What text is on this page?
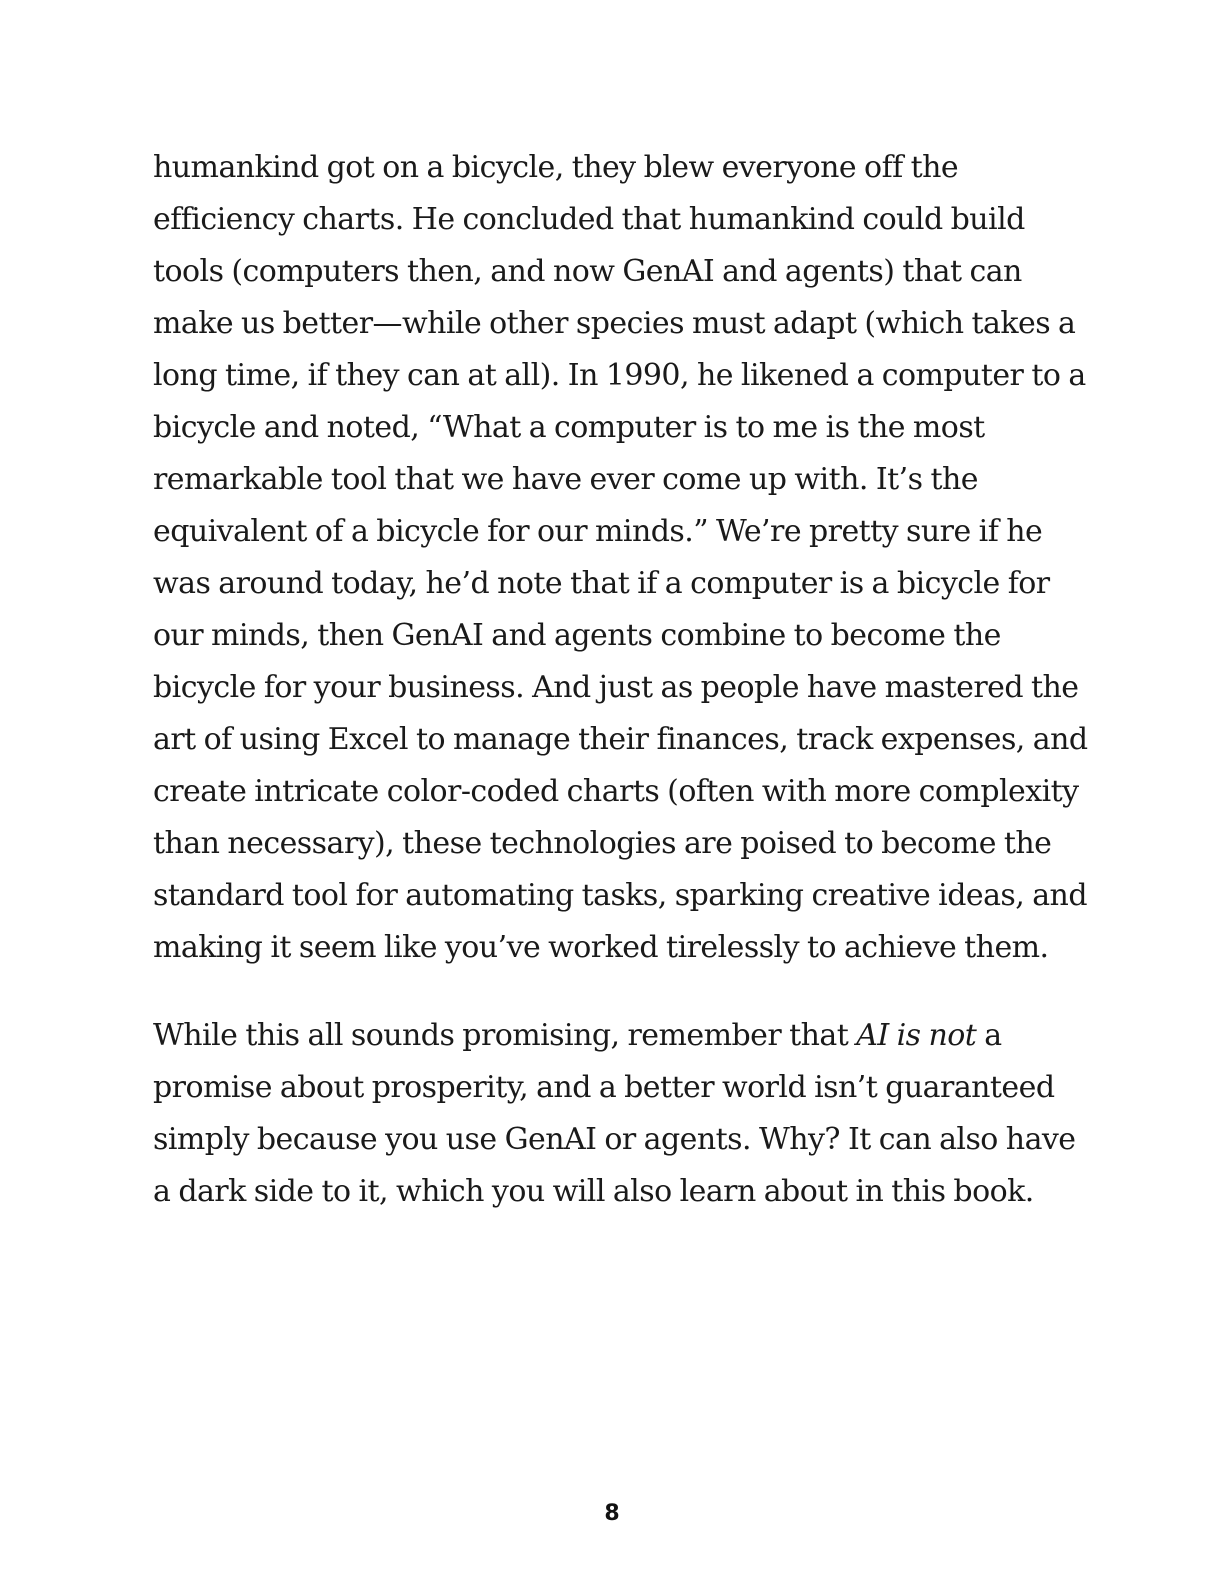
humankind got on a bicycle, they blew everyone off the
efficiency charts. He concluded that humankind could build
tools (computers then, and now GenAI and agents) that can
make us better—while other species must adapt (which takes a
long time, if they can at all). In 1990, he likened a computer to a
bicycle and noted, “What a computer is to me is the most
remarkable tool that we have ever come up with. It’s the
equivalent of a bicycle for our minds.” We’re pretty sure if he
was around today, he’d note that if a computer is a bicycle for
our minds, then GenAI and agents combine to become the
bicycle for your business. And just as people have mastered the
art of using Excel to manage their finances, track expenses, and
create intricate color-coded charts (often with more complexity
than necessary), these technologies are poised to become the
standard tool for automating tasks, sparking creative ideas, and
making it seem like you’ve worked tirelessly to achieve them.

While this all sounds promising, remember that AI is not a
promise about prosperity, and a better world isn’t guaranteed
simply because you use GenAI or agents. Why? It can also have
a dark side to it, which you will also learn about in this book.

8
